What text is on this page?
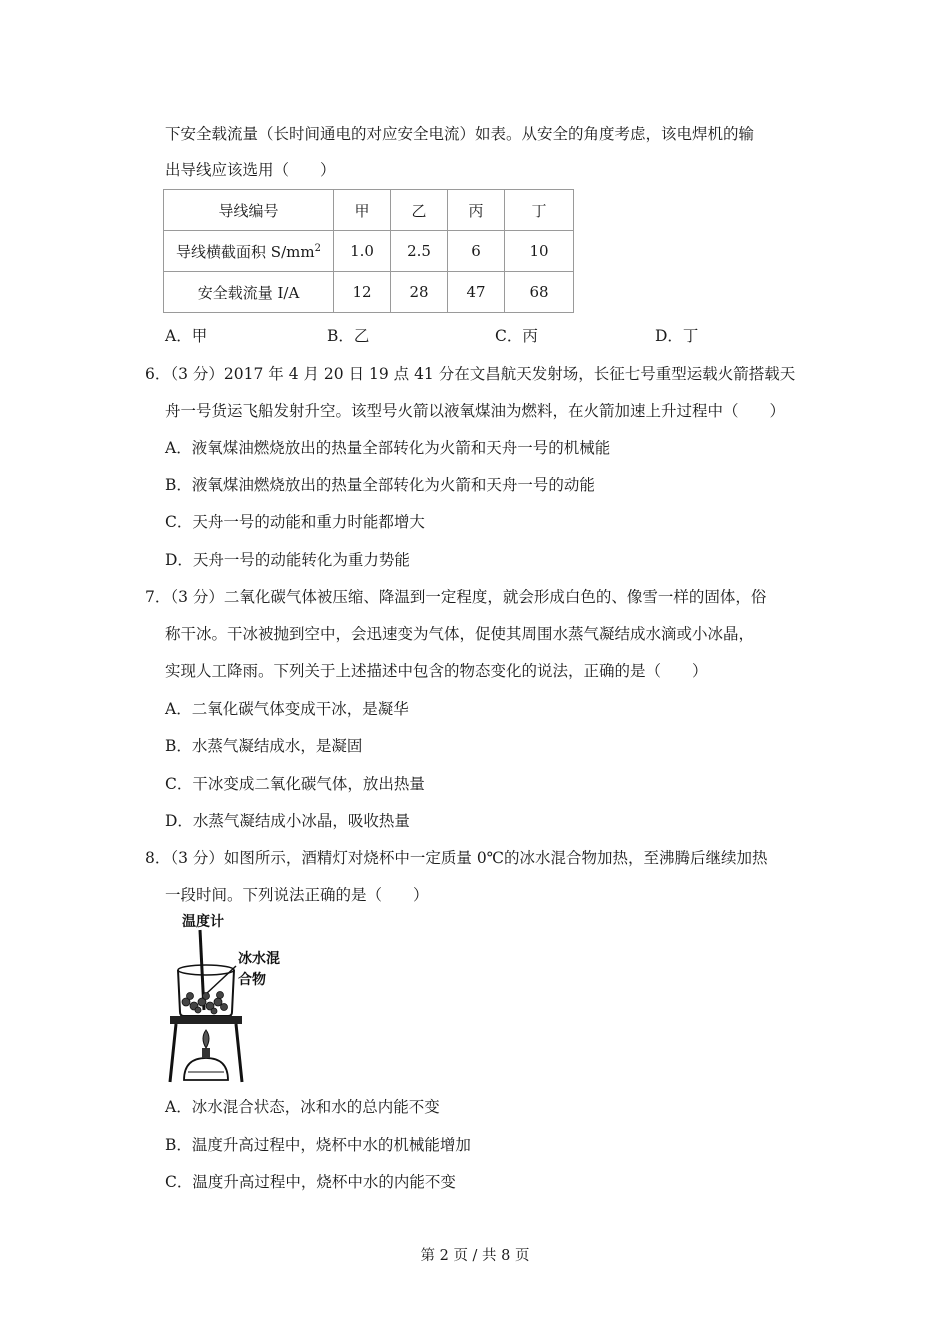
下安全载流量（长时间通电的对应安全电流）如表。从安全的角度考虑，该电焊机的输
出导线应该选用（　　）
导线编号	甲	乙	丙	丁
导线横截面积 $S/mm^2$	1.0	2.5	6	10
安全载流量 I/A	12	28	47	68
A．甲	B．乙	C．丙	D．丁
6．（3 分）2017 年 4 月 20 日 19 点 41 分在文昌航天发射场，长征七号重型运载火箭搭载天
舟一号货运飞船发射升空。该型号火箭以液氧煤油为燃料，在火箭加速上升过程中（　　）
A．液氧煤油燃烧放出的热量全部转化为火箭和天舟一号的机械能
B．液氧煤油燃烧放出的热量全部转化为火箭和天舟一号的动能
C．天舟一号的动能和重力时能都增大
D．天舟一号的动能转化为重力势能
7．（3 分）二氧化碳气体被压缩、降温到一定程度，就会形成白色的、像雪一样的固体，俗
称干冰。干冰被抛到空中，会迅速变为气体，促使其周围水蒸气凝结成水滴或小冰晶，
实现人工降雨。下列关于上述描述中包含的物态变化的说法，正确的是（　　）
A．二氧化碳气体变成干冰，是凝华
B．水蒸气凝结成水，是凝固
C．干冰变成二氧化碳气体，放出热量
D．水蒸气凝结成小冰晶，吸收热量
8．（3 分）如图所示，酒精灯对烧杯中一定质量 0℃的冰水混合物加热，至沸腾后继续加热
一段时间。下列说法正确的是（　　）
温度计
冰水混
合物
A．冰水混合状态，冰和水的总内能不变
B．温度升高过程中，烧杯中水的机械能增加
C．温度升高过程中，烧杯中水的内能不变
第 2 页 / 共 8 页
